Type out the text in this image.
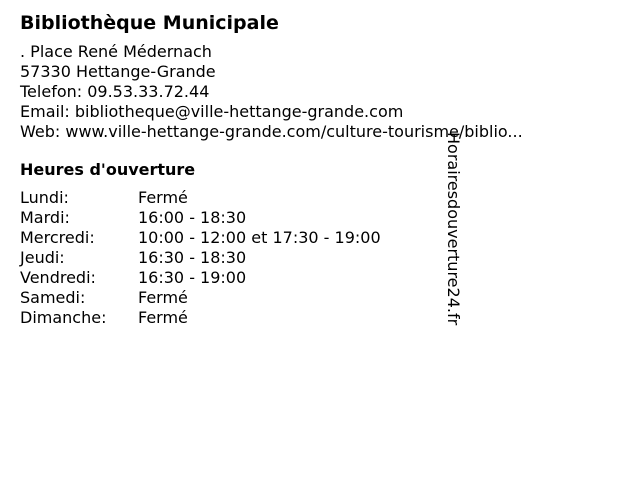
Bibliothèque Municipale
. Place René Médernach
57330 Hettange-Grande
Telefon: 09.53.33.72.44
Email: bibliotheque@ville-hettange-grande.com
Web: www.ville-hettange-grande.com/culture-tourisme/biblio...
Heures d'ouverture
Lundi:	Fermé
Mardi:	16:00 - 18:30
Mercredi:	10:00 - 12:00 et 17:30 - 19:00
Jeudi:	16:30 - 18:30
Vendredi:	16:30 - 19:00
Samedi:	Fermé
Dimanche:	Fermé	Horairesdouverture24.fr
